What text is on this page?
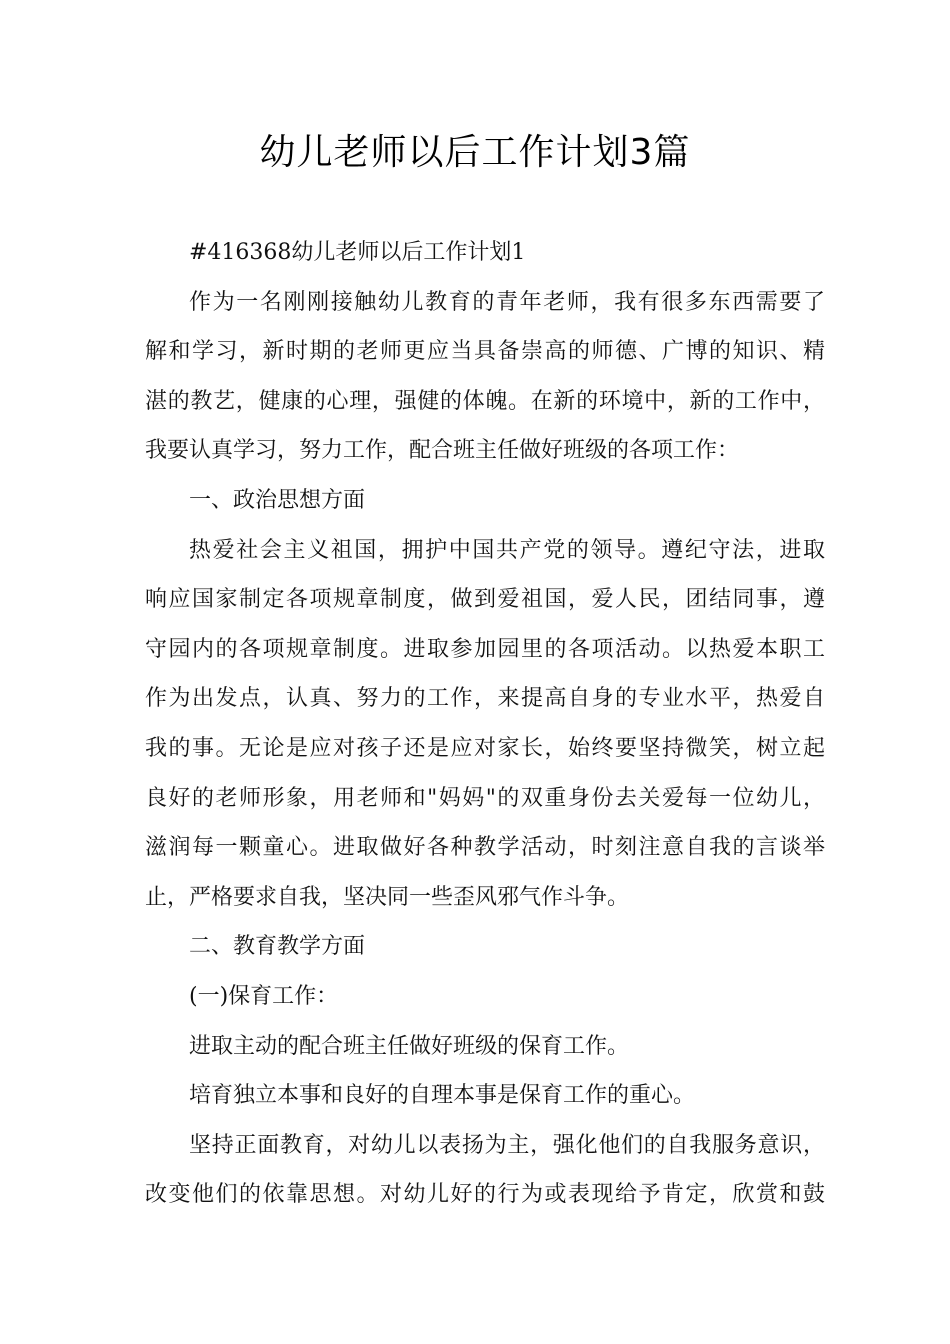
幼儿老师以后工作计划3篇

#416368幼儿老师以后工作计划1

作为一名刚刚接触幼儿教育的青年老师，我有很多东西需要了
解和学习，新时期的老师更应当具备崇高的师德、广博的知识、精
湛的教艺，健康的心理，强健的体魄。在新的环境中，新的工作中，
我要认真学习，努力工作，配合班主任做好班级的各项工作：

一、政治思想方面

热爱社会主义祖国，拥护中国共产党的领导。遵纪守法，进取
响应国家制定各项规章制度，做到爱祖国，爱人民，团结同事，遵
守园内的各项规章制度。进取参加园里的各项活动。以热爱本职工
作为出发点，认真、努力的工作，来提高自身的专业水平，热爱自
我的事。无论是应对孩子还是应对家长，始终要坚持微笑，树立起
良好的老师形象，用老师和"妈妈"的双重身份去关爱每一位幼儿，
滋润每一颗童心。进取做好各种教学活动，时刻注意自我的言谈举
止，严格要求自我，坚决同一些歪风邪气作斗争。

二、教育教学方面

(一)保育工作：

进取主动的配合班主任做好班级的保育工作。

培育独立本事和良好的自理本事是保育工作的重心。

坚持正面教育，对幼儿以表扬为主，强化他们的自我服务意识，
改变他们的依靠思想。对幼儿好的行为或表现给予肯定，欣赏和鼓
